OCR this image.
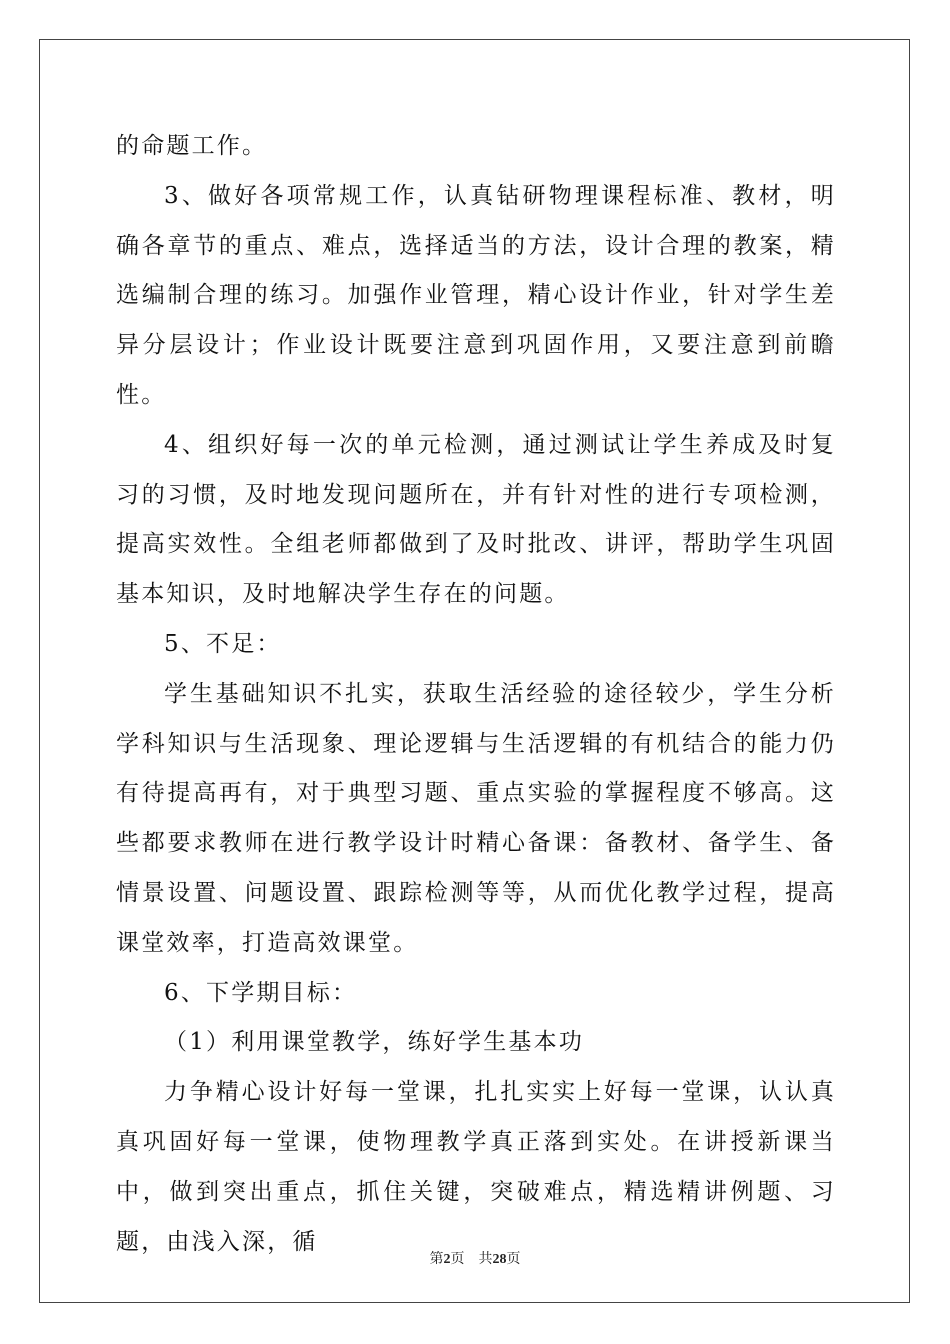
的命题工作。

3、做好各项常规工作，认真钻研物理课程标准、教材，明确各章节的重点、难点，选择适当的方法，设计合理的教案，精选编制合理的练习。加强作业管理，精心设计作业，针对学生差异分层设计；作业设计既要注意到巩固作用，又要注意到前瞻性。

4、组织好每一次的单元检测，通过测试让学生养成及时复习的习惯，及时地发现问题所在，并有针对性的进行专项检测，提高实效性。全组老师都做到了及时批改、讲评，帮助学生巩固基本知识，及时地解决学生存在的问题。

5、不足：

学生基础知识不扎实，获取生活经验的途径较少，学生分析学科知识与生活现象、理论逻辑与生活逻辑的有机结合的能力仍有待提高再有，对于典型习题、重点实验的掌握程度不够高。这些都要求教师在进行教学设计时精心备课：备教材、备学生、备情景设置、问题设置、跟踪检测等等，从而优化教学过程，提高课堂效率，打造高效课堂。

6、下学期目标：

（1）利用课堂教学，练好学生基本功

力争精心设计好每一堂课，扎扎实实上好每一堂课，认认真真巩固好每一堂课，使物理教学真正落到实处。在讲授新课当中，做到突出重点，抓住关键，突破难点，精选精讲例题、习题，由浅入深，循

第2页 共28页
